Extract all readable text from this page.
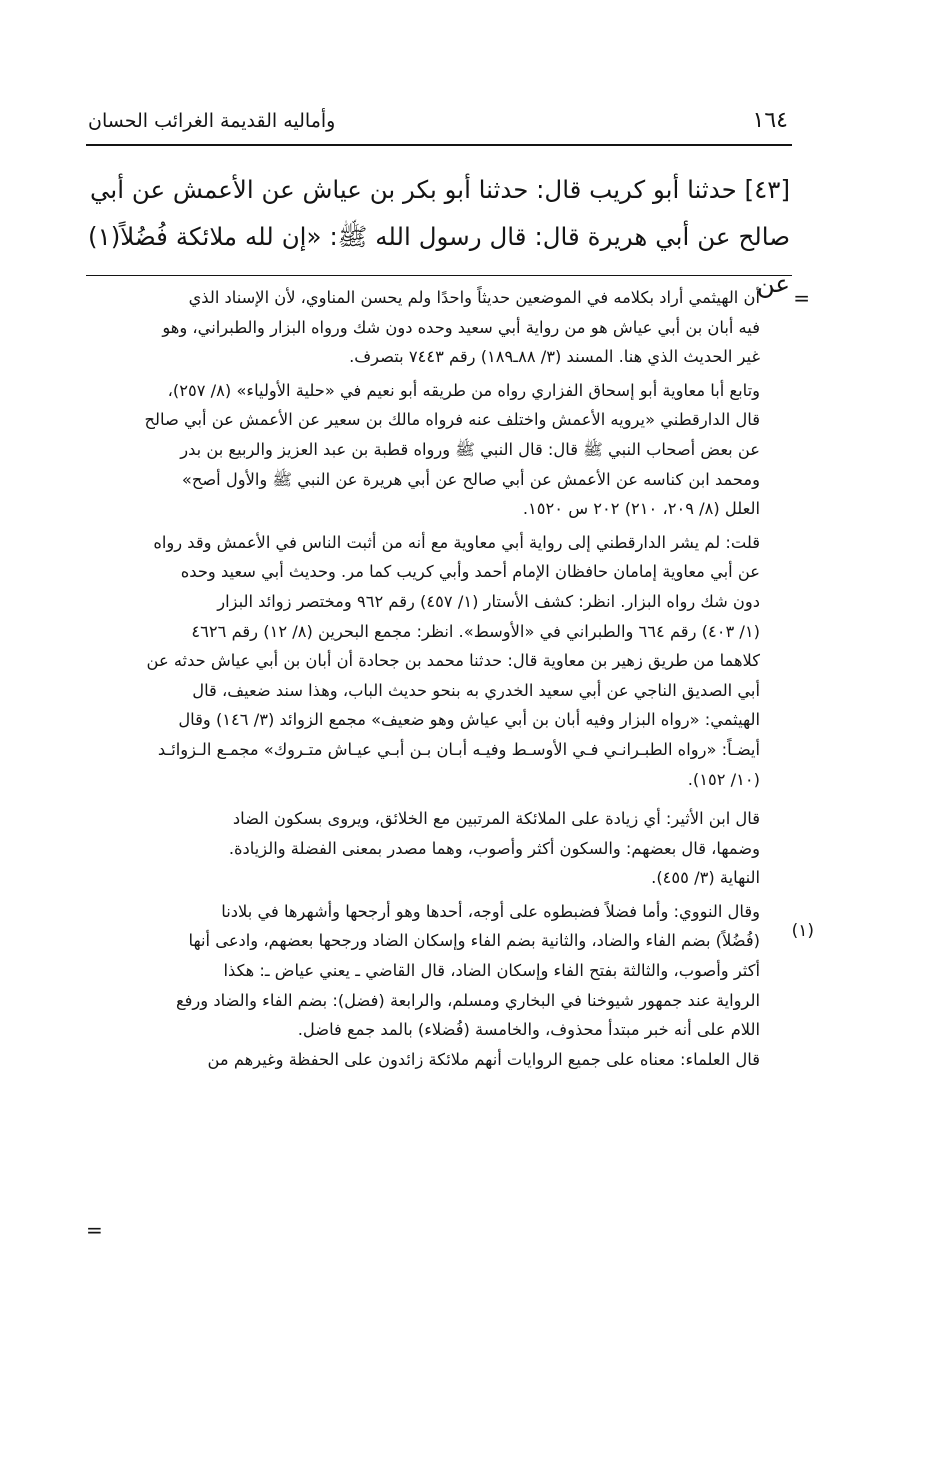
١٦٤
وأماليه القديمة الغرائب الحسان

[٤٣] حدثنا أبو كريب قال: حدثنا أبو بكر بن عياش عن الأعمش عن أبي

صالح عن أبي هريرة قال: قال رسول الله ﷺ: «إن لله ملائكة فُضُلاً(١) عن =

أن الهيثمي أراد بكلامه في الموضعين حديثاً واحدًا ولم يحسن المناوي، لأن الإسناد الذي

فيه أبان بن أبي عياش هو من رواية أبي سعيد وحده دون شك ورواه البزار والطبراني، وهو

غير الحديث الذي هنا. المسند (٣/ ٨٨ـ١٨٩) رقم ٧٤٤٣ بتصرف.

وتابع أبا معاوية أبو إسحاق الفزاري رواه من طريقه أبو نعيم في «حلية الأولياء» (٨/ ٢٥٧)،

قال الدارقطني «يرويه الأعمش واختلف عنه فرواه مالك بن سعير عن الأعمش عن أبي صالح

عن بعض أصحاب النبي ﷺ قال: قال النبي ﷺ ورواه قطبة بن عبد العزيز والربيع بن بدر

ومحمد ابن كناسه عن الأعمش عن أبي صالح عن أبي هريرة عن النبي ﷺ والأول أصح»

العلل (٨/ ٢٠٩، ٢١٠) ٢٠٢ س ١٥٢٠.

قلت: لم يشر الدارقطني إلى رواية أبي معاوية مع أنه من أثبت الناس في الأعمش وقد رواه

عن أبي معاوية إمامان حافظان الإمام أحمد وأبي كريب كما مر. وحديث أبي سعيد وحده

دون شك رواه البزار. انظر: كشف الأستار (١/ ٤٥٧) رقم ٩٦٢ ومختصر زوائد البزار

(١/ ٤٠٣) رقم ٦٦٤ والطبراني في «الأوسط». انظر: مجمع البحرين (٨/ ١٢) رقم ٤٦٢٦

كلاهما من طريق زهير بن معاوية قال: حدثنا محمد بن جحادة أن أبان بن أبي عياش حدثه عن

أبي الصديق الناجي عن أبي سعيد الخدري به بنحو حديث الباب، وهذا سند ضعيف، قال

الهيثمي: «رواه البزار وفيه أبان بن أبي عياش وهو ضعيف» مجمع الزوائد (٣/ ١٤٦) وقال

أيضـاً: «رواه الطبـرانـي فـي الأوسـط وفيـه أبـان بـن أبـي عيـاش متـروك» مجمـع الـزوائـد

(١٠/ ١٥٢).

قال ابن الأثير: أي زيادة على الملائكة المرتبين مع الخلائق، ويروى بسكون الضاد

وضمها، قال بعضهم: والسكون أكثر وأصوب، وهما مصدر بمعنى الفضلة والزيادة.

النهاية (٣/ ٤٥٥).

وقال النووي: وأما فضلاً فضبطوه على أوجه، أحدها وهو أرجحها وأشهرها في بلادنا

(فُضُلاً) بضم الفاء والضاد، والثانية بضم الفاء وإسكان الضاد ورجحها بعضهم، وادعى أنها

أكثر وأصوب، والثالثة بفتح الفاء وإسكان الضاد، قال القاضي ـ يعني عياض ـ: هكذا

الرواية عند جمهور شيوخنا في البخاري ومسلم، والرابعة (فضل): بضم الفاء والضاد ورفع

اللام على أنه خبر مبتدأ محذوف، والخامسة (فُضلاء) بالمد جمع فاضل.

قال العلماء: معناه على جميع الروايات أنهم ملائكة زائدون على الحفظة وغيرهم من

(١)
=
